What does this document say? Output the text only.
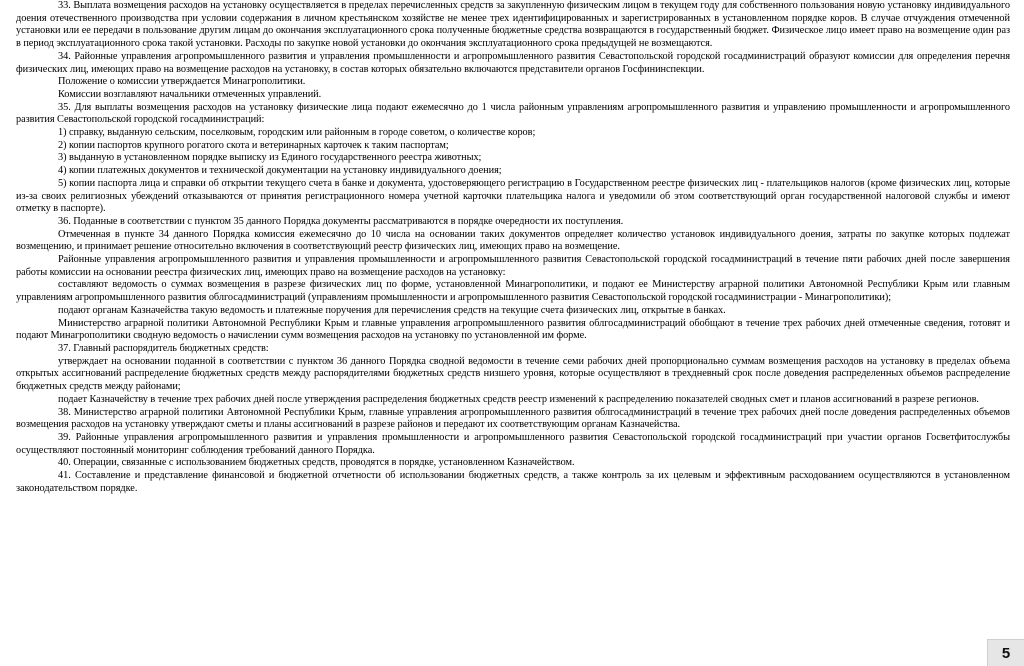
33. Выплата возмещения расходов на установку осуществляется в пределах перечисленных средств за закупленную физическим лицом в текущем году для собственного пользования новую установку индивидуального доения отечественного производства при условии содержания в личном крестьянском хозяйстве не менее трех идентифицированных и зарегистрированных в установленном порядке коров. В случае отчуждения отмеченной установки или ее передачи в пользование другим лицам до окончания эксплуатационного срока полученные бюджетные средства возвращаются в государственный бюджет. Физическое лицо имеет право на возмещение один раз в период эксплуатационного срока такой установки. Расходы по закупке новой установки до окончания эксплуатационного срока предыдущей не возмещаются.

34. Районные управления агропромышленного развития и управления промышленности и агропромышленного развития Севастопольской городской госадминистраций образуют комиссии для определения перечня физических лиц, имеющих право на возмещение расходов на установку, в состав которых обязательно включаются представители органов Госфининспекции.

Положение о комиссии утверждается Минагрополитики.

Комиссии возглавляют начальники отмеченных управлений.

35. Для выплаты возмещения расходов на установку физические лица подают ежемесячно до 1 числа районным управлениям агропромышленного развития и управлению промышленности и агропромышленного развития Севастопольской городской госадминистраций:

1) справку, выданную сельским, поселковым, городским или районным в городе советом, о количестве коров;

2) копии паспортов крупного рогатого скота и ветеринарных карточек к таким паспортам;

3) выданную в установленном порядке выписку из Единого государственного реестра животных;

4) копии платежных документов и технической документации на установку индивидуального доения;

5) копии паспорта лица и справки об открытии текущего счета в банке и документа, удостоверяющего регистрацию в Государственном реестре физических лиц - плательщиков налогов (кроме физических лиц, которые из-за своих религиозных убеждений отказываются от принятия регистрационного номера учетной карточки плательщика налога и уведомили об этом соответствующий орган государственной налоговой службы и имеют отметку в паспорте).

36. Поданные в соответствии с пунктом 35 данного Порядка документы рассматриваются в порядке очередности их поступления.

Отмеченная в пункте 34 данного Порядка комиссия ежемесячно до 10 числа на основании таких документов определяет количество установок индивидуального доения, затраты по закупке которых подлежат возмещению, и принимает решение относительно включения в соответствующий реестр физических лиц, имеющих право на возмещение.

Районные управления агропромышленного развития и управления промышленности и агропромышленного развития Севастопольской городской госадминистраций в течение пяти рабочих дней после завершения работы комиссии на основании реестра физических лиц, имеющих право на возмещение расходов на установку:

составляют ведомость о суммах возмещения в разрезе физических лиц по форме, установленной Минагрополитики, и подают ее Министерству аграрной политики Автономной Республики Крым или главным управлениям агропромышленного развития облгосадминистраций (управлениям промышленности и агропромышленного развития Севастопольской городской госадминистрации - Минагрополитики);

подают органам Казначейства такую ведомость и платежные поручения для перечисления средств на текущие счета физических лиц, открытые в банках.

Министерство аграрной политики Автономной Республики Крым и главные управления агропромышленного развития облгосадминистраций обобщают в течение трех рабочих дней отмеченные сведения, готовят и подают Минагрополитики сводную ведомость о начислении сумм возмещения расходов на установку по установленной им форме.

37. Главный распорядитель бюджетных средств:

утверждает на основании поданной в соответствии с пунктом 36 данного Порядка сводной ведомости в течение семи рабочих дней пропорционально суммам возмещения расходов на установку в пределах объема открытых ассигнований распределение бюджетных средств между распорядителями бюджетных средств низшего уровня, которые осуществляют в трехдневный срок после доведения распределенных объемов распределение бюджетных средств между районами;

подает Казначейству в течение трех рабочих дней после утверждения распределения бюджетных средств реестр изменений к распределению показателей сводных смет и планов ассигнований в разрезе регионов.

38. Министерство аграрной политики Автономной Республики Крым, главные управления агропромышленного развития облгосадминистраций в течение трех рабочих дней после доведения распределенных объемов возмещения расходов на установку утверждают сметы и планы ассигнований в разрезе районов и передают их соответствующим органам Казначейства.

39. Районные управления агропромышленного развития и управления промышленности и агропромышленного развития Севастопольской городской госадминистраций при участии органов Госветфитослужбы осуществляют постоянный мониторинг соблюдения требований данного Порядка.

40. Операции, связанные с использованием бюджетных средств, проводятся в порядке, установленном Казначейством.

41. Составление и представление финансовой и бюджетной отчетности об использовании бюджетных средств, а также контроль за их целевым и эффективным расходованием осуществляются в установленном законодательством порядке.

5
